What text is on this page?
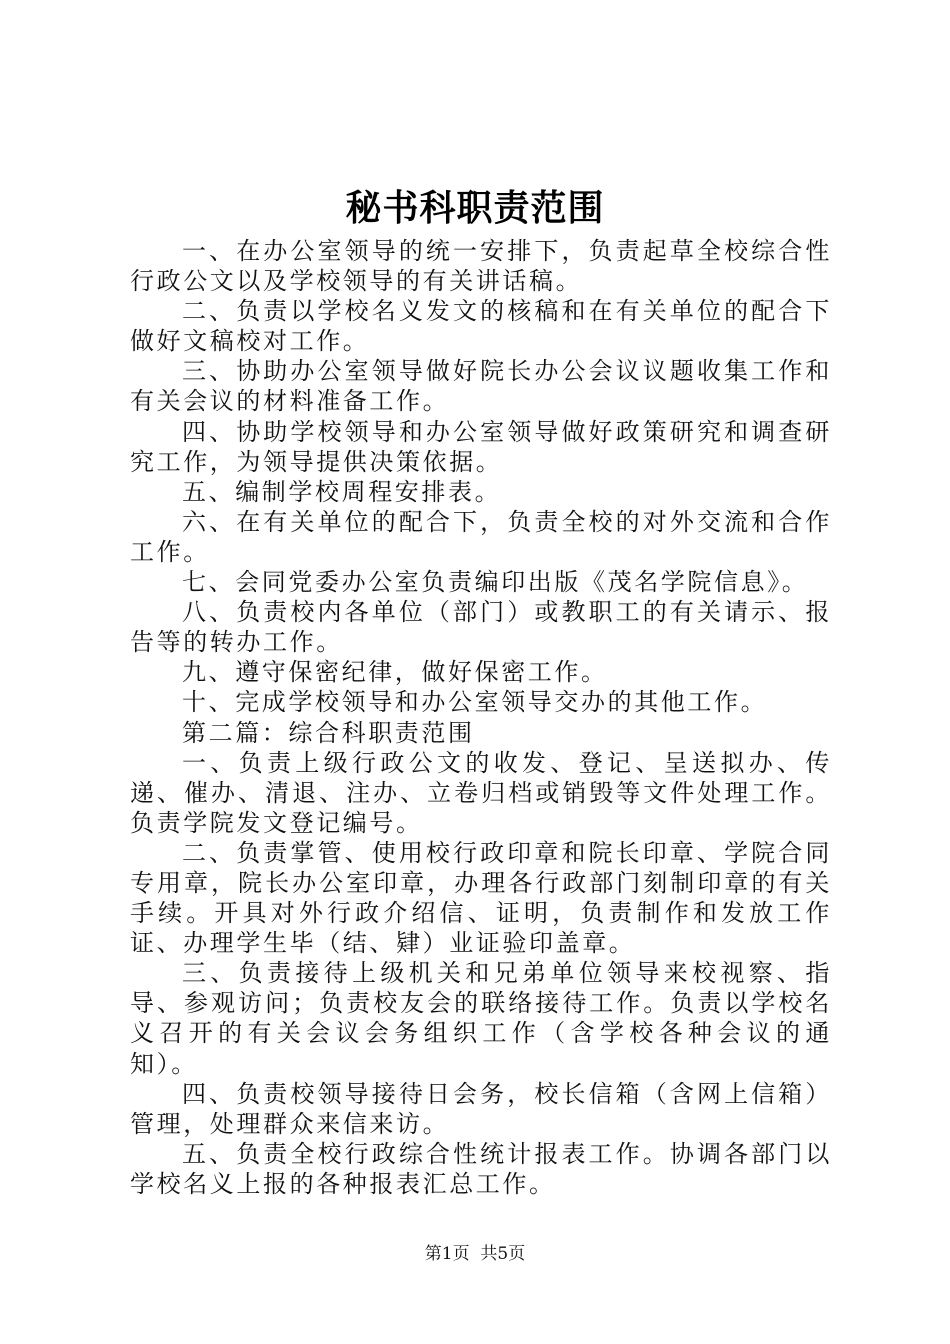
秘书科职责范围

一、在办公室领导的统一安排下，负责起草全校综合性行政公文以及学校领导的有关讲话稿。

二、负责以学校名义发文的核稿和在有关单位的配合下做好文稿校对工作。

三、协助办公室领导做好院长办公会议议题收集工作和有关会议的材料准备工作。

四、协助学校领导和办公室领导做好政策研究和调查研究工作，为领导提供决策依据。

五、编制学校周程安排表。

六、在有关单位的配合下，负责全校的对外交流和合作工作。

七、会同党委办公室负责编印出版《茂名学院信息》。

八、负责校内各单位（部门）或教职工的有关请示、报告等的转办工作。

九、遵守保密纪律，做好保密工作。

十、完成学校领导和办公室领导交办的其他工作。

第二篇：综合科职责范围

一、负责上级行政公文的收发、登记、呈送拟办、传递、催办、清退、注办、立卷归档或销毁等文件处理工作。负责学院发文登记编号。

二、负责掌管、使用校行政印章和院长印章、学院合同专用章，院长办公室印章，办理各行政部门刻制印章的有关手续。开具对外行政介绍信、证明，负责制作和发放工作证、办理学生毕（结、肄）业证验印盖章。

三、负责接待上级机关和兄弟单位领导来校视察、指导、参观访问；负责校友会的联络接待工作。负责以学校名义召开的有关会议会务组织工作（含学校各种会议的通知）。

四、负责校领导接待日会务，校长信箱（含网上信箱）管理，处理群众来信来访。

五、负责全校行政综合性统计报表工作。协调各部门以学校名义上报的各种报表汇总工作。

第1页  共5页
